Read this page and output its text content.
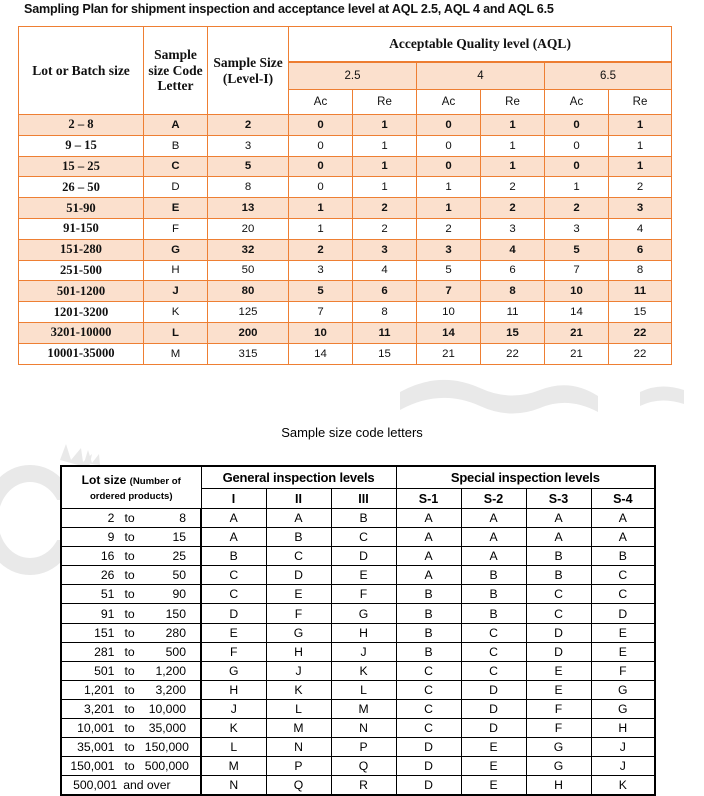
Sampling Plan for shipment inspection and acceptance level at AQL 2.5, AQL 4 and AQL 6.5
Lot or Batch size	Sample size Code Letter	Sample Size (Level-I)	Acceptable Quality level (AQL)					
			2.5		4		6.5	
			Ac	Re	Ac	Re	Ac	Re
2 – 8	A	2	0	1	0	1	0	1
9 – 15	B	3	0	1	0	1	0	1
15 – 25	C	5	0	1	0	1	0	1
26 – 50	D	8	0	1	1	2	1	2
51-90	E	13	1	2	1	2	2	3
91-150	F	20	1	2	2	3	3	4
151-280	G	32	2	3	3	4	5	6
251-500	H	50	3	4	5	6	7	8
501-1200	J	80	5	6	7	8	10	11
1201-3200	K	125	7	8	10	11	14	15
3201-10000	L	200	10	11	14	15	21	22
10001-35000	M	315	14	15	21	22	21	22
Sample size code letters
Lot size (Number of
ordered products)	General inspection levels			Special inspection levels			
	I	II	III	S-1	S-2	S-3	S-4

2 to 8	A	A	B	A	A	A	A

9 to 15	A	B	C	A	A	A	A

16 to 25	B	C	D	A	A	B	B

26 to 50	C	D	E	A	B	B	C

51 to 90	C	E	F	B	B	C	C

91 to 150	D	F	G	B	B	C	D

151 to 280	E	G	H	B	C	D	E

281 to 500	F	H	J	B	C	D	E

501 to 1,200	G	J	K	C	C	E	F

1,201 to 3,200	H	K	L	C	D	E	G

3,201 to 10,000	J	L	M	C	D	F	G

10,001 to 35,000	K	M	N	C	D	F	H

35,001 to 150,000	L	N	P	D	E	G	J

150,001 to 500,000	M	P	Q	D	E	G	J

500,001 and over	N	Q	R	D	E	H	K
